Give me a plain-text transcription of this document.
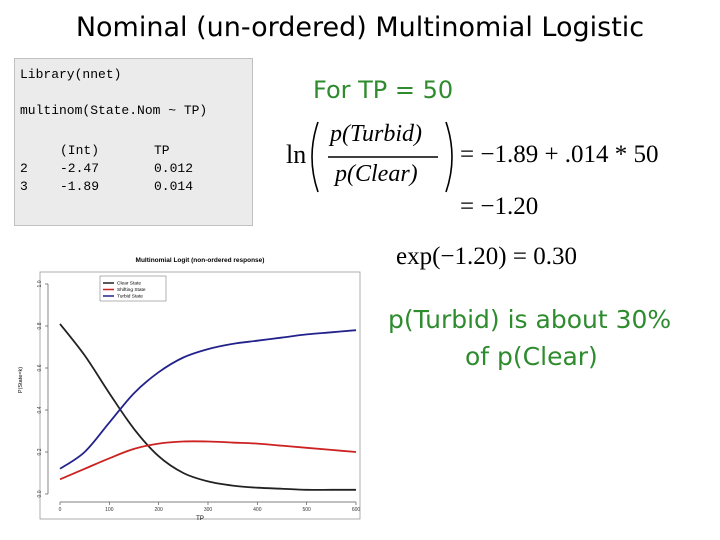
Nominal (un-ordered) Multinomial Logistic
Library(nnet)
multinom(State.Nom ~ TP)
(Int)	TP
2 -2.47	0.012
3 -1.89	0.014
For TP = 50
ln
p(Turbid)
p(Clear)
= −1.89 + .014 * 50
= −1.20
exp(−1.20) = 0.30
p(Turbid) is about 30%
of p(Clear)
Multinomial Logit (non-ordered response)
0	100	200	300	400	500	600
0.0
0.2
0.4
0.6
0.8
1.0	Clear State
Shifting State
Turbid State
TP
P(State=k)
